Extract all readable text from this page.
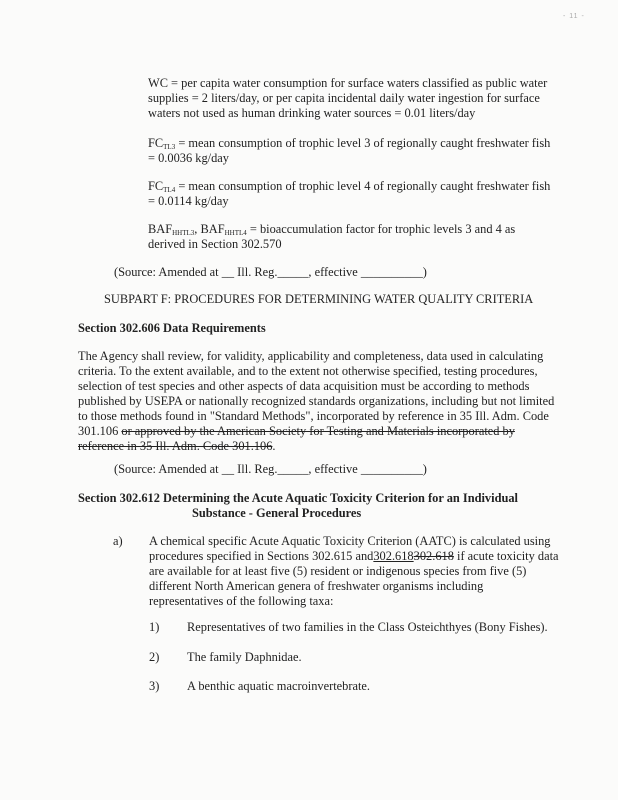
- 11 -
WC = per capita water consumption for surface waters classified as public water
supplies = 2 liters/day, or per capita incidental daily water ingestion for surface
waters not used as human drinking water sources = 0.01 liters/day
$FC_{TL3}$ = mean consumption of trophic level 3 of regionally caught freshwater fish
= 0.0036 kg/day
$FC_{TL4}$ = mean consumption of trophic level 4 of regionally caught freshwater fish
= 0.0114 kg/day
$BAF_{HHTL3}$, $BAF_{HHTL4}$ = bioaccumulation factor for trophic levels 3 and 4 as
derived in Section 302.570
(Source: Amended at __ Ill. Reg._____, effective __________)
SUBPART F: PROCEDURES FOR DETERMINING WATER QUALITY CRITERIA
Section 302.606 Data Requirements
The Agency shall review, for validity, applicability and completeness, data used in calculating
criteria. To the extent available, and to the extent not otherwise specified, testing procedures,
selection of test species and other aspects of data acquisition must be according to methods
published by USEPA or nationally recognized standards organizations, including but not limited
to those methods found in "Standard Methods", incorporated by reference in 35 Ill. Adm. Code
301.106 or approved by the American Society for Testing and Materials incorporated by
reference in 35 Ill. Adm. Code 301.106.
(Source: Amended at __ Ill. Reg._____, effective __________)
Section 302.612 Determining the Acute Aquatic Toxicity Criterion for an Individual
Substance - General Procedures
a) A chemical specific Acute Aquatic Toxicity Criterion (AATC) is calculated using
procedures specified in Sections 302.615 and302.618302.618 if acute toxicity data
are available for at least five (5) resident or indigenous species from five (5)
different North American genera of freshwater organisms including
representatives of the following taxa:
1) Representatives of two families in the Class Osteichthyes (Bony Fishes).
2) The family Daphnidae.
3) A benthic aquatic macroinvertebrate.
